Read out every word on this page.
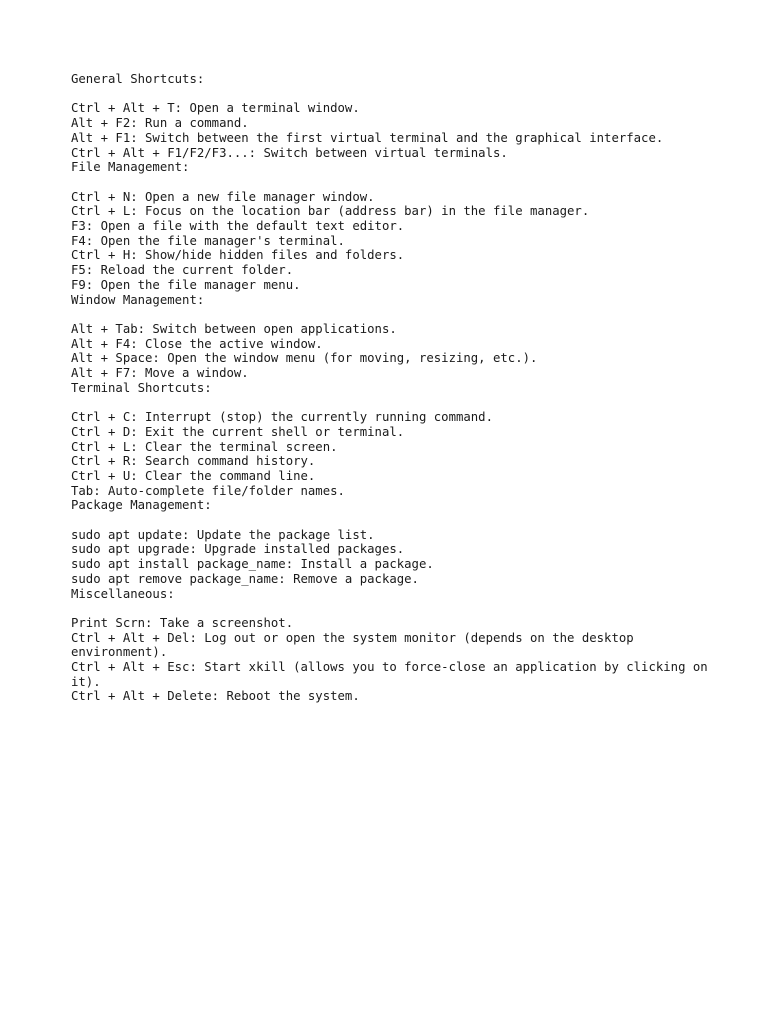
General Shortcuts:

Ctrl + Alt + T: Open a terminal window.

Alt + F2: Run a command.

Alt + F1: Switch between the first virtual terminal and the graphical interface.

Ctrl + Alt + F1/F2/F3...: Switch between virtual terminals.

File Management:

Ctrl + N: Open a new file manager window.

Ctrl + L: Focus on the location bar (address bar) in the file manager.

F3: Open a file with the default text editor.

F4: Open the file manager's terminal.

Ctrl + H: Show/hide hidden files and folders.

F5: Reload the current folder.

F9: Open the file manager menu.

Window Management:

Alt + Tab: Switch between open applications.

Alt + F4: Close the active window.

Alt + Space: Open the window menu (for moving, resizing, etc.).

Alt + F7: Move a window.

Terminal Shortcuts:

Ctrl + C: Interrupt (stop) the currently running command.

Ctrl + D: Exit the current shell or terminal.

Ctrl + L: Clear the terminal screen.

Ctrl + R: Search command history.

Ctrl + U: Clear the command line.

Tab: Auto-complete file/folder names.

Package Management:

sudo apt update: Update the package list.

sudo apt upgrade: Upgrade installed packages.

sudo apt install package_name: Install a package.

sudo apt remove package_name: Remove a package.

Miscellaneous:

Print Scrn: Take a screenshot.

Ctrl + Alt + Del: Log out or open the system monitor (depends on the desktop environment).

Ctrl + Alt + Esc: Start xkill (allows you to force-close an application by clicking on it).

Ctrl + Alt + Delete: Reboot the system.
